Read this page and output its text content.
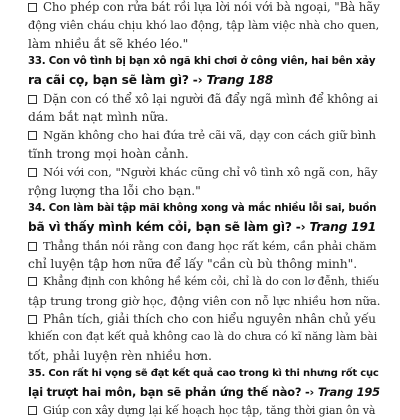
Cho phép con rửa bát rồi lựa lời nói với bà ngoại, "Bà hãy
động viên cháu chịu khó lao động, tập làm việc nhà cho quen,
làm nhiều ắt sẽ khéo léo."
33. Con vô tình bị bạn xô ngã khi chơi ở công viên, hai bên xảy
ra cãi cọ, bạn sẽ làm gì? -› Trang 188
Dặn con có thể xô lại người đã đẩy ngã mình để không ai
dám bắt nạt mình nữa.
Ngăn không cho hai đứa trẻ cãi vã, dạy con cách giữ bình
tĩnh trong mọi hoàn cảnh.
Nói với con, "Người khác cũng chỉ vô tình xô ngã con, hãy
rộng lượng tha lỗi cho bạn."
34. Con làm bài tập mãi không xong và mắc nhiều lỗi sai, buồn
bã vì thấy mình kém cỏi, bạn sẽ làm gì? -› Trang 191
Thẳng thắn nói rằng con đang học rất kém, cần phải chăm
chỉ luyện tập hơn nữa để lấy "cần cù bù thông minh".
Khẳng định con không hề kém cỏi, chỉ là do con lơ đễnh, thiếu
tập trung trong giờ học, động viên con nỗ lực nhiều hơn nữa.
Phân tích, giải thích cho con hiểu nguyên nhân chủ yếu
khiến con đạt kết quả không cao là do chưa có kĩ năng làm bài
tốt, phải luyện rèn nhiều hơn.
35. Con rất hi vọng sẽ đạt kết quả cao trong kì thi nhưng rốt cục
lại trượt hai môn, bạn sẽ phản ứng thế nào? -› Trang 195
Giúp con xây dựng lại kế hoạch học tập, tăng thời gian ôn và
